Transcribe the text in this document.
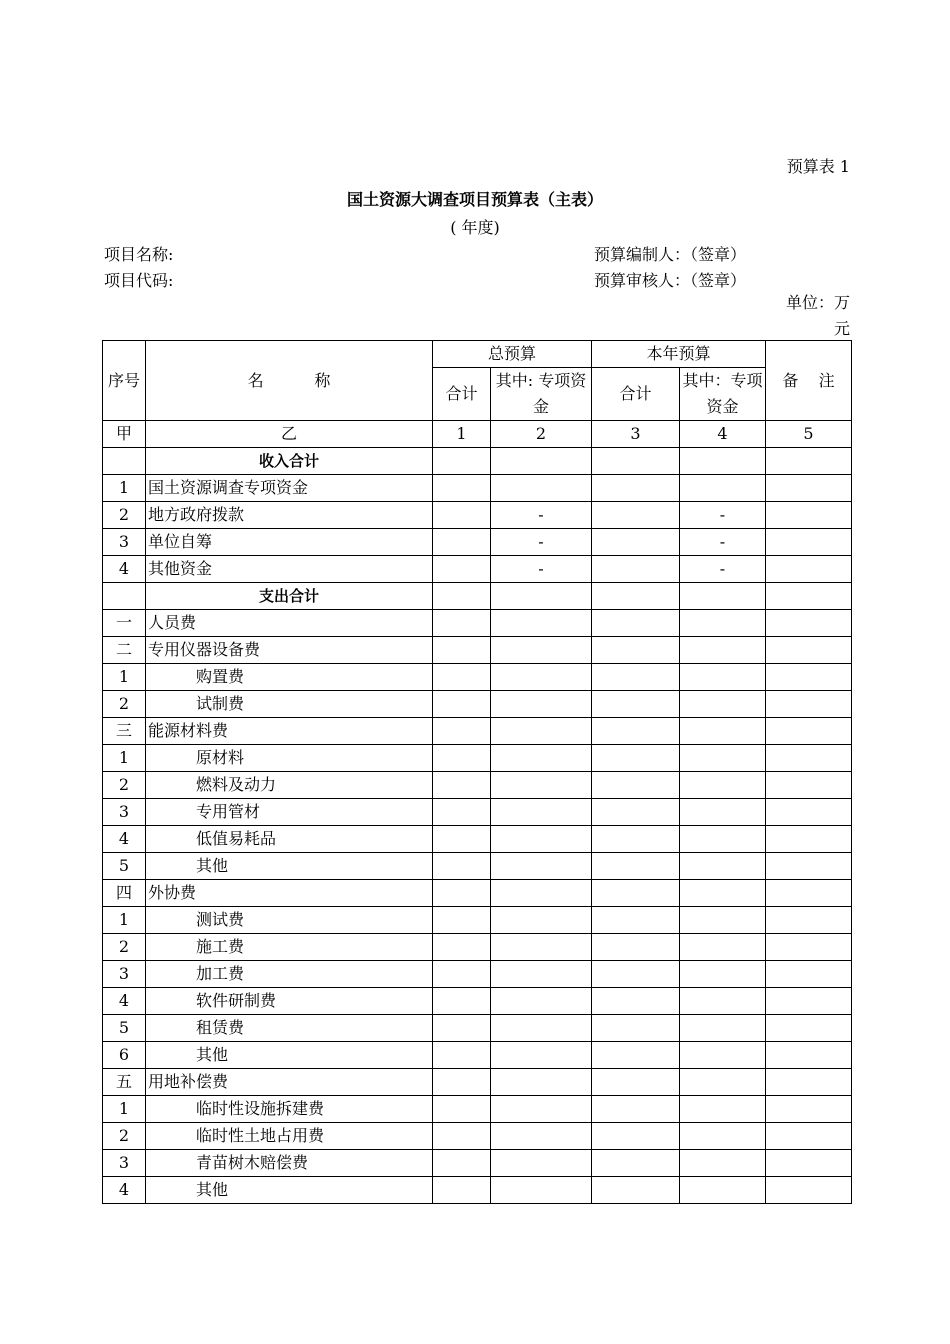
预算表 1
国土资源大调查项目预算表（主表）
( 年度)
项目名称:
项目代码:
预算编制人：（签章）
预算审核人：（签章）
单位：万
元
序号	名          称	总预算		本年预算		备    注
		合计	其中: 专项资金	合计	其中：专项资金	
甲	乙	1	2	3	4	5
	收入合计					
1	国土资源调查专项资金					
2	地方政府拨款		-		-	
3	单位自筹		-		-	
4	其他资金		-		-	
	支出合计					
一	人员费					
二	专用仪器设备费					
1	购置费					
2	试制费					
三	能源材料费					
1	原材料					
2	燃料及动力					
3	专用管材					
4	低值易耗品					
5	其他					
四	外协费					
1	测试费					
2	施工费					
3	加工费					
4	软件研制费					
5	租赁费					
6	其他					
五	用地补偿费					
1	临时性设施拆建费					
2	临时性土地占用费					
3	青苗树木赔偿费					
4	其他					
